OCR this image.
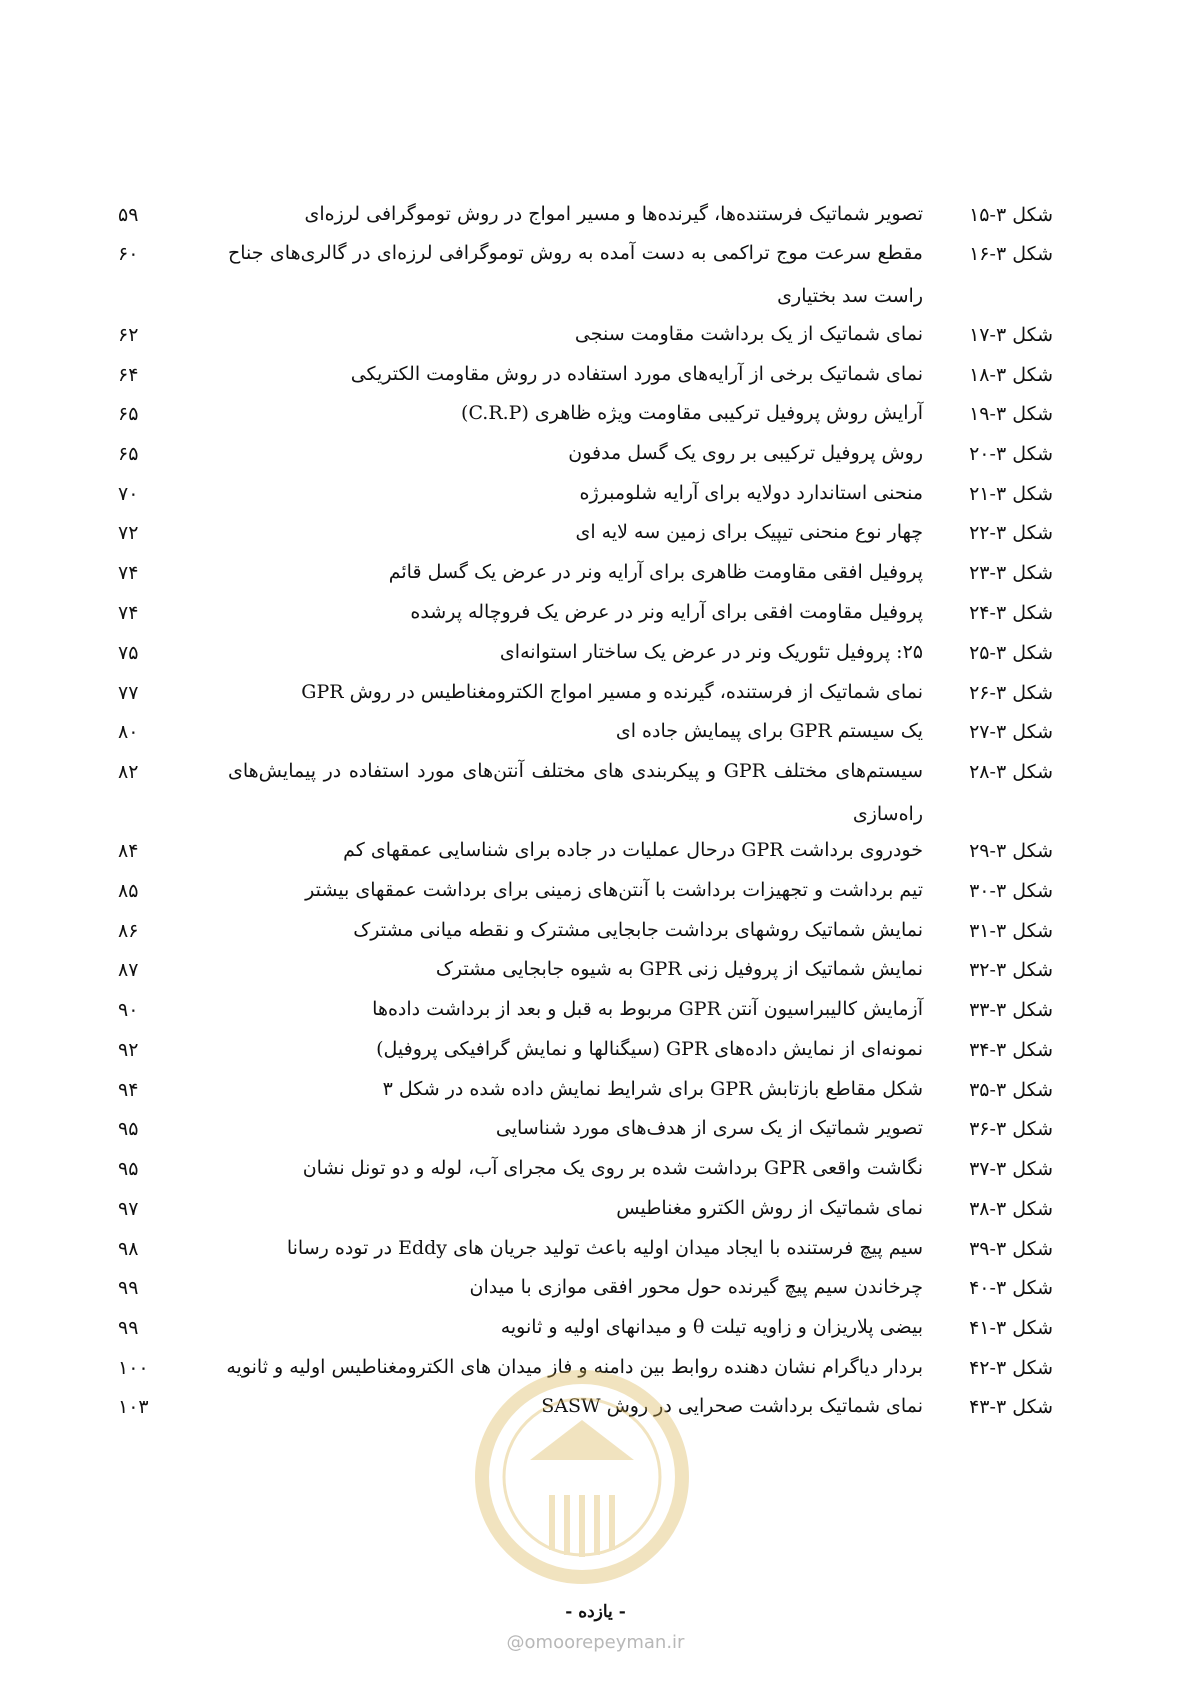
شکل ۳-۱۵
تصویر شماتیک فرستنده‌ها، گیرنده‌ها و مسیر امواج در روش توموگرافی لرزه‌ای
۵۹
شکل ۳-۱۶
مقطع سرعت موج تراکمی به دست آمده به روش توموگرافی لرزه‌ای در گالری‌های جناح راست سد بختیاری
۶۰
شکل ۳-۱۷
نمای شماتیک از یک برداشت مقاومت سنجی
۶۲
شکل ۳-۱۸
نمای شماتیک برخی از آرایه‌های مورد استفاده در روش مقاومت الکتریکی
۶۴
شکل ۳-۱۹
آرایش روش پروفیل ترکیبی مقاومت ویژه ظاهری (C.R.P)
۶۵
شکل ۳-۲۰
روش پروفیل ترکیبی بر روی یک گسل مدفون
۶۵
شکل ۳-۲۱
منحنی استاندارد دولایه برای آرایه شلومبرژه
۷۰
شکل ۳-۲۲
چهار نوع منحنی تیپیک برای زمین سه لایه ای
۷۲
شکل ۳-۲۳
پروفیل افقی مقاومت ظاهری برای آرایه ونر در عرض یک گسل قائم
۷۴
شکل ۳-۲۴
پروفیل مقاومت افقی برای آرایه ونر در عرض یک فروچاله پرشده
۷۴
شکل ۳-۲۵
۲۵: پروفیل تئوریک ونر در عرض یک ساختار استوانه‌ای
۷۵
شکل ۳-۲۶
نمای شماتیک از فرستنده، گیرنده و مسیر امواج الکترومغناطیس در روش GPR
۷۷
شکل ۳-۲۷
یک سیستم GPR برای پیمایش جاده ای
۸۰
شکل ۳-۲۸
سیستم‌های مختلف GPR و پیکربندی های مختلف آنتن‌های مورد استفاده در پیمایش‌های راه‌سازی
۸۲
شکل ۳-۲۹
خودروی برداشت GPR درحال عملیات در جاده برای شناسایی عمقهای کم
۸۴
شکل ۳-۳۰
تیم برداشت و تجهیزات برداشت با آنتن‌های زمینی برای برداشت عمقهای بیشتر
۸۵
شکل ۳-۳۱
نمایش شماتیک روشهای برداشت جابجایی مشترک و نقطه میانی مشترک
۸۶
شکل ۳-۳۲
نمایش شماتیک از پروفیل زنی GPR به شیوه جابجایی مشترک
۸۷
شکل ۳-۳۳
آزمایش کالیبراسیون آنتن GPR مربوط به قبل و بعد از برداشت داده‌ها
۹۰
شکل ۳-۳۴
نمونه‌ای از نمایش داده‌های GPR (سیگنالها و نمایش گرافیکی پروفیل)
۹۲
شکل ۳-۳۵
شکل مقاطع بازتابش GPR برای شرایط نمایش داده شده در شکل ۳
۹۴
شکل ۳-۳۶
تصویر شماتیک از یک سری از هدف‌های مورد شناسایی
۹۵
شکل ۳-۳۷
نگاشت واقعی GPR برداشت شده بر روی یک مجرای آب، لوله و دو تونل نشان
۹۵
شکل ۳-۳۸
نمای شماتیک از روش الکترو مغناطیس
۹۷
شکل ۳-۳۹
سیم پیچ فرستنده با ایجاد میدان اولیه باعث تولید جریان های Eddy در توده رسانا
۹۸
شکل ۳-۴۰
چرخاندن سیم پیچ گیرنده حول محور افقی موازی با میدان
۹۹
شکل ۳-۴۱
بیضی پلاریزان و زاویه تیلت θ و میدانهای اولیه و ثانویه
۹۹
شکل ۳-۴۲
بردار دیاگرام نشان دهنده روابط بین دامنه و فاز میدان های الکترومغناطیس اولیه و ثانویه
۱۰۰
شکل ۳-۴۳
نمای شماتیک برداشت صحرایی در روش SASW
۱۰۳
- یازده -
@omoorepeyman.ir
